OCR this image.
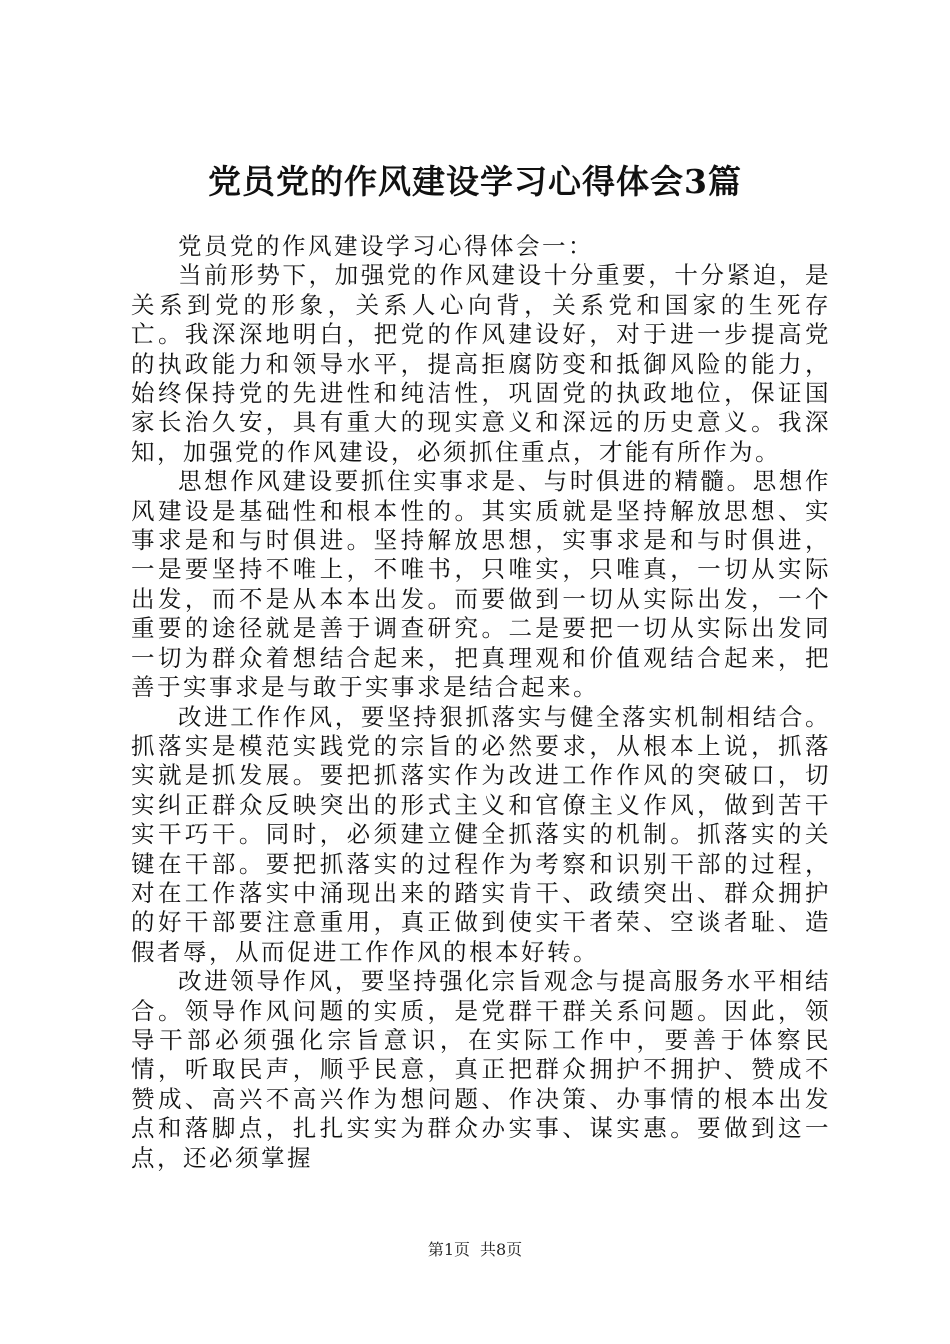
党员党的作风建设学习心得体会3篇

党员党的作风建设学习心得体会一：

当前形势下，加强党的作风建设十分重要，十分紧迫，是关系到党的形象，关系人心向背，关系党和国家的生死存亡。我深深地明白，把党的作风建设好，对于进一步提高党的执政能力和领导水平，提高拒腐防变和抵御风险的能力，始终保持党的先进性和纯洁性，巩固党的执政地位，保证国家长治久安，具有重大的现实意义和深远的历史意义。我深知，加强党的作风建设，必须抓住重点，才能有所作为。

思想作风建设要抓住实事求是、与时俱进的精髓。思想作风建设是基础性和根本性的。其实质就是坚持解放思想、实事求是和与时俱进。坚持解放思想，实事求是和与时俱进，一是要坚持不唯上，不唯书，只唯实，只唯真，一切从实际出发，而不是从本本出发。而要做到一切从实际出发，一个重要的途径就是善于调查研究。二是要把一切从实际出发同一切为群众着想结合起来，把真理观和价值观结合起来，把善于实事求是与敢于实事求是结合起来。

改进工作作风，要坚持狠抓落实与健全落实机制相结合。抓落实是模范实践党的宗旨的必然要求，从根本上说，抓落实就是抓发展。要把抓落实作为改进工作作风的突破口，切实纠正群众反映突出的形式主义和官僚主义作风，做到苦干实干巧干。同时，必须建立健全抓落实的机制。抓落实的关键在干部。要把抓落实的过程作为考察和识别干部的过程，对在工作落实中涌现出来的踏实肯干、政绩突出、群众拥护的好干部要注意重用，真正做到使实干者荣、空谈者耻、造假者辱，从而促进工作作风的根本好转。

改进领导作风，要坚持强化宗旨观念与提高服务水平相结合。领导作风问题的实质，是党群干群关系问题。因此，领导干部必须强化宗旨意识，在实际工作中，要善于体察民情，听取民声，顺乎民意，真正把群众拥护不拥护、赞成不赞成、高兴不高兴作为想问题、作决策、办事情的根本出发点和落脚点，扎扎实实为群众办实事、谋实惠。要做到这一点，还必须掌握

第1页 共8页
